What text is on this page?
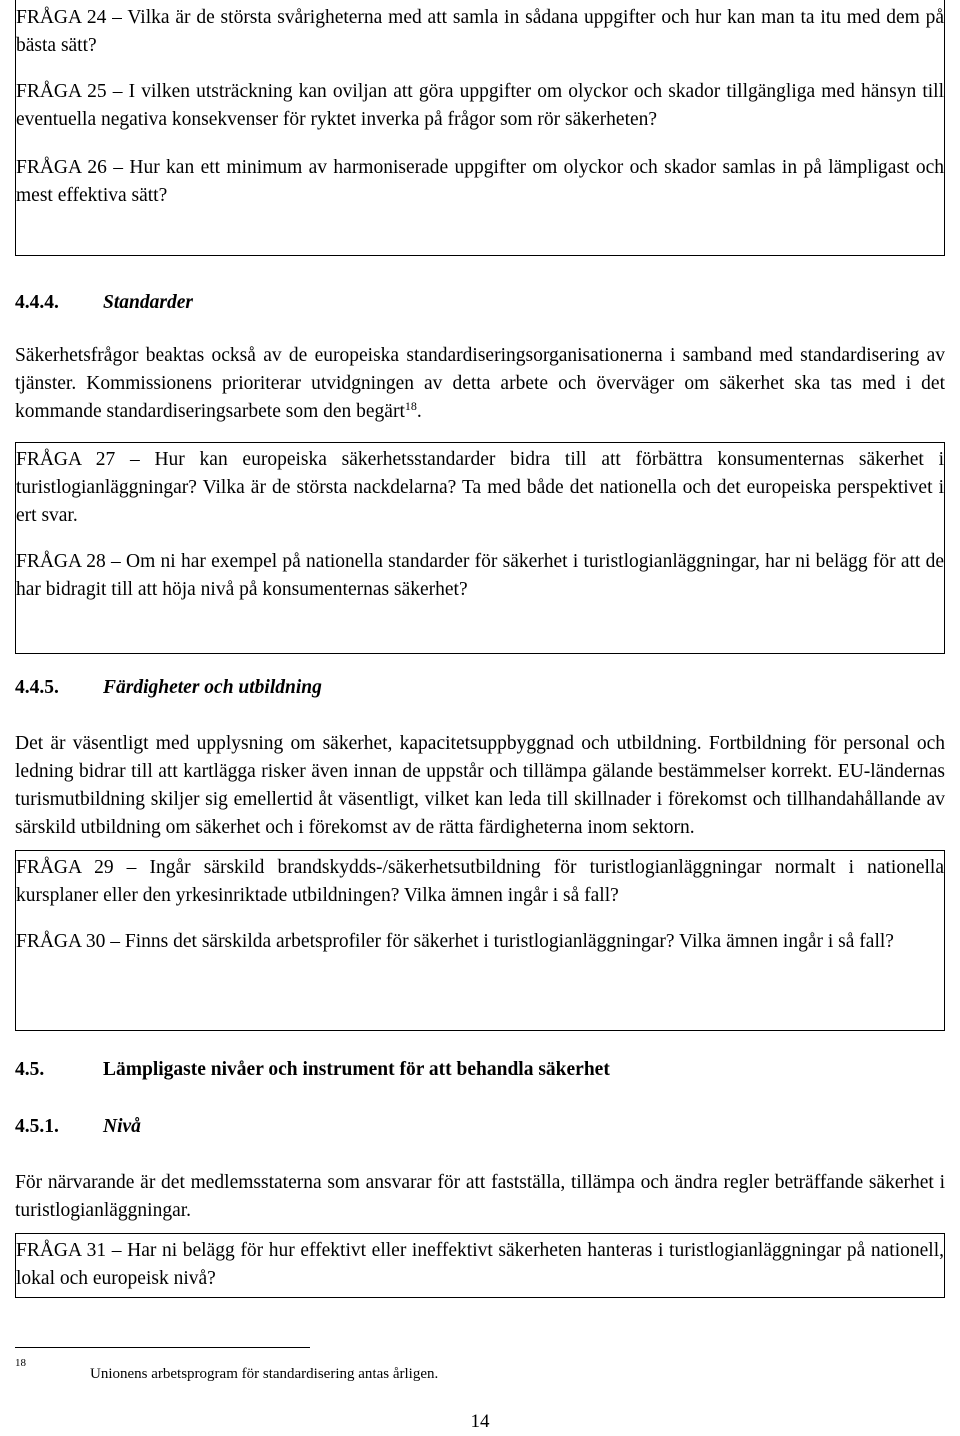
FRÅGA 24 – Vilka är de största svårigheterna med att samla in sådana uppgifter och hur kan man ta itu med dem på bästa sätt?

FRÅGA 25 – I vilken utsträckning kan oviljan att göra uppgifter om olyckor och skador tillgängliga med hänsyn till eventuella negativa konsekvenser för ryktet inverka på frågor som rör säkerheten?

FRÅGA 26 – Hur kan ett minimum av harmoniserade uppgifter om olyckor och skador samlas in på lämpligast och mest effektiva sätt?

4.4.4.	Standarder

Säkerhetsfrågor beaktas också av de europeiska standardiseringsorganisationerna i samband med standardisering av tjänster. Kommissionens prioriterar utvidgningen av detta arbete och överväger om säkerhet ska tas med i det kommande standardiseringsarbete som den begärt$^{18}$.

FRÅGA 27 – Hur kan europeiska säkerhetsstandarder bidra till att förbättra konsumenternas säkerhet i turistlogianläggningar? Vilka är de största nackdelarna? Ta med både det nationella och det europeiska perspektivet i ert svar.

FRÅGA 28 – Om ni har exempel på nationella standarder för säkerhet i turistlogianläggningar, har ni belägg för att de har bidragit till att höja nivå på konsumenternas säkerhet?

4.4.5.	Färdigheter och utbildning

Det är väsentligt med upplysning om säkerhet, kapacitetsuppbyggnad och utbildning. Fortbildning för personal och ledning bidrar till att kartlägga risker även innan de uppstår och tillämpa gälande bestämmelser korrekt. EU-ländernas turismutbildning skiljer sig emellertid åt väsentligt, vilket kan leda till skillnader i förekomst och tillhandahållande av särskild utbildning om säkerhet och i förekomst av de rätta färdigheterna inom sektorn.

FRÅGA 29 – Ingår särskild brandskydds-/säkerhetsutbildning för turistlogianläggningar normalt i nationella kursplaner eller den yrkesinriktade utbildningen? Vilka ämnen ingår i så fall?

FRÅGA 30 – Finns det särskilda arbetsprofiler för säkerhet i turistlogianläggningar? Vilka ämnen ingår i så fall?

4.5.	Lämpligaste nivåer och instrument för att behandla säkerhet
4.5.1.	Nivå

För närvarande är det medlemsstaterna som ansvarar för att fastställa, tillämpa och ändra regler beträffande säkerhet i turistlogianläggningar.

FRÅGA 31 – Har ni belägg för hur effektivt eller ineffektivt säkerheten hanteras i turistlogianläggningar på nationell, lokal och europeisk nivå?

18
Unionens arbetsprogram för standardisering antas årligen.
14
